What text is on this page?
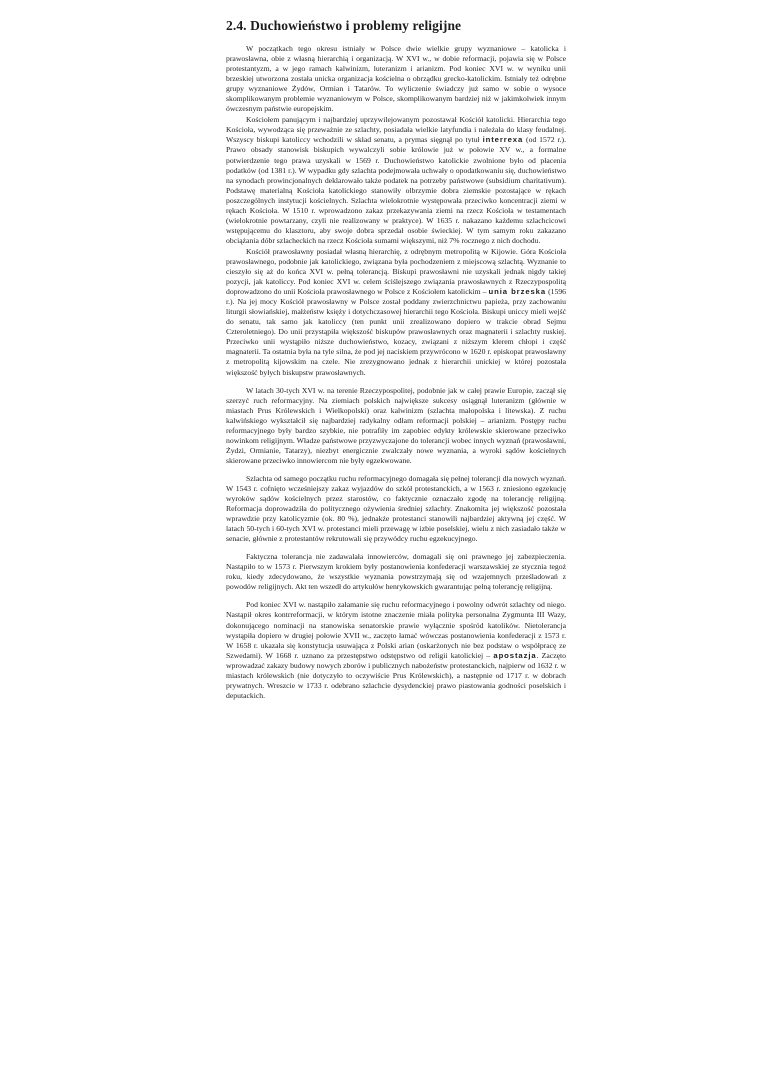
2.4. Duchowieństwo i problemy religijne

W początkach tego okresu istniały w Polsce dwie wielkie grupy wyznaniowe – katolicka i prawosławna, obie z własną hierarchią i organizacją. W XVI w., w dobie reformacji, pojawia się w Polsce protestantyzm, a w jego ramach kalwinizm, luteranizm i arianizm. Pod koniec XVI w. w wyniku unii brzeskiej utworzona została unicka organizacja kościelna o obrządku grecko-katolickim. Istniały też odrębne grupy wyznaniowe Żydów, Ormian i Tatarów. To wyliczenie świadczy już samo w sobie o wysoce skomplikowanym problemie wyznaniowym w Polsce, skomplikowanym bardziej niż w jakimkolwiek innym ówczesnym państwie europejskim.

Kościołem panującym i najbardziej uprzywilejowanym pozostawał Kościół katolicki. Hierarchia tego Kościoła, wywodząca się przeważnie ze szlachty, posiadała wielkie latyfundia i należała do klasy feudalnej. Wszyscy biskupi katoliccy wchodzili w skład senatu, a prymas sięgnął po tytuł interrexa (od 1572 r.). Prawo obsady stanowisk biskupich wywalczyli sobie królowie już w połowie XV w., a formalne potwierdzenie tego prawa uzyskali w 1569 r. Duchowieństwo katolickie zwolnione było od płacenia podatków (od 1381 r.). W wypadku gdy szlachta podejmowała uchwały o opodatkowaniu się, duchowieństwo na synodach prowincjonalnych deklarowało także podatek na potrzeby państwowe (subsidium charitativum). Podstawę materialną Kościoła katolickiego stanowiły olbrzymie dobra ziemskie pozostające w rękach poszczególnych instytucji kościelnych. Szlachta wielokrotnie występowała przeciwko koncentracji ziemi w rękach Kościoła. W 1510 r. wprowadzono zakaz przekazywania ziemi na rzecz Kościoła w testamentach (wielokrotnie powtarzany, czyli nie realizowany w praktyce). W 1635 r. nakazano każdemu szlachcicowi wstępującemu do klasztoru, aby swoje dobra sprzedał osobie świeckiej. W tym samym roku zakazano obciążania dóbr szlacheckich na rzecz Kościoła sumami większymi, niż 7% rocznego z nich dochodu.

Kościół prawosławny posiadał własną hierarchię, z odrębnym metropolitą w Kijowie. Góra Kościoła prawosławnego, podobnie jak katolickiego, związana była pochodzeniem z miejscową szlachtą. Wyznanie to cieszyło się aż do końca XVI w. pełną tolerancją. Biskupi prawosławni nie uzyskali jednak nigdy takiej pozycji, jak katoliccy. Pod koniec XVI w. celem ściślejszego związania prawosławnych z Rzeczypospolitą doprowadzono do unii Kościoła prawosławnego w Polsce z Kościołem katolickim – unia brzeska (1596 r.). Na jej mocy Kościół prawosławny w Polsce został poddany zwierzchnictwu papieża, przy zachowaniu liturgii słowiańskiej, małżeństw księży i dotychczasowej hierarchii tego Kościoła. Biskupi uniccy mieli wejść do senatu, tak samo jak katoliccy (ten punkt unii zrealizowano dopiero w trakcie obrad Sejmu Czteroletniego). Do unii przystąpiła większość biskupów prawosławnych oraz magnaterii i szlachty ruskiej. Przeciwko unii wystąpiło niższe duchowieństwo, kozacy, związani z niższym klerem chłopi i część magnaterii. Ta ostatnia była na tyle silna, że pod jej naciskiem przywrócono w 1620 r. episkopat prawosławny z metropolitą kijowskim na czele. Nie zrezygnowano jednak z hierarchii unickiej w której pozostała większość byłych biskupstw prawosławnych.

W latach 30-tych XVI w. na terenie Rzeczypospolitej, podobnie jak w całej prawie Europie, zaczął się szerzyć ruch reformacyjny. Na ziemiach polskich największe sukcesy osiągnął luteranizm (głównie w miastach Prus Królewskich i Wielkopolski) oraz kalwinizm (szlachta małopolska i litewska). Z ruchu kalwińskiego wykształcił się najbardziej radykalny odłam reformacji polskiej – arianizm. Postępy ruchu reformacyjnego były bardzo szybkie, nie potrafiły im zapobiec edykty królewskie skierowane przeciwko nowinkom religijnym. Władze państwowe przyzwyczajone do tolerancji wobec innych wyznań (prawosławni, Żydzi, Ormianie, Tatarzy), niezbyt energicznie zwalczały nowe wyznania, a wyroki sądów kościelnych skierowane przeciwko innowiercom nie były egzekwowane.

Szlachta od samego początku ruchu reformacyjnego domagała się pełnej tolerancji dla nowych wyznań. W 1543 r. cofnięto wcześniejszy zakaz wyjazdów do szkół protestanckich, a w 1563 r. zniesiono egzekucję wyroków sądów kościelnych przez starostów, co faktycznie oznaczało zgodę na tolerancję religijną. Reformacja doprowadziła do politycznego ożywienia średniej szlachty. Znakomita jej większość pozostała wprawdzie przy katolicyzmie (ok. 80 %), jednakże protestanci stanowili najbardziej aktywną jej część. W latach 50-tych i 60-tych XVI w. protestanci mieli przewagę w izbie poselskiej, wielu z nich zasiadało także w senacie, głównie z protestantów rekrutowali się przywódcy ruchu egzekucyjnego.

Faktyczna tolerancja nie zadawalała innowierców, domagali się oni prawnego jej zabezpieczenia. Nastąpiło to w 1573 r. Pierwszym krokiem były postanowienia konfederacji warszawskiej ze stycznia tegoż roku, kiedy zdecydowano, że wszystkie wyznania powstrzymają się od wzajemnych prześladowań z powodów religijnych. Akt ten wszedł do artykułów henrykowskich gwarantując pełną tolerancję religijną.

Pod koniec XVI w. nastąpiło załamanie się ruchu reformacyjnego i powolny odwrót szlachty od niego. Nastąpił okres kontrreformacji, w którym istotne znaczenie miała polityka personalna Zygmunta III Wazy, dokonującego nominacji na stanowiska senatorskie prawie wyłącznie spośród katolików. Nietolerancja wystąpiła dopiero w drugiej połowie XVII w., zaczęto łamać wówczas postanowienia konfederacji z 1573 r. W 1658 r. ukazała się konstytucja usuwająca z Polski arian (oskarżonych nie bez podstaw o współpracę ze Szwedami). W 1668 r. uznano za przestępstwo odstępstwo od religii katolickiej – apostazja. Zaczęto wprowadzać zakazy budowy nowych zborów i publicznych nabożeństw protestanckich, najpierw od 1632 r. w miastach królewskich (nie dotyczyło to oczywiście Prus Królewskich), a następnie od 1717 r. w dobrach prywatnych. Wreszcie w 1733 r. odebrano szlachcie dysydenckiej prawo piastowania godności poselskich i deputackich.
